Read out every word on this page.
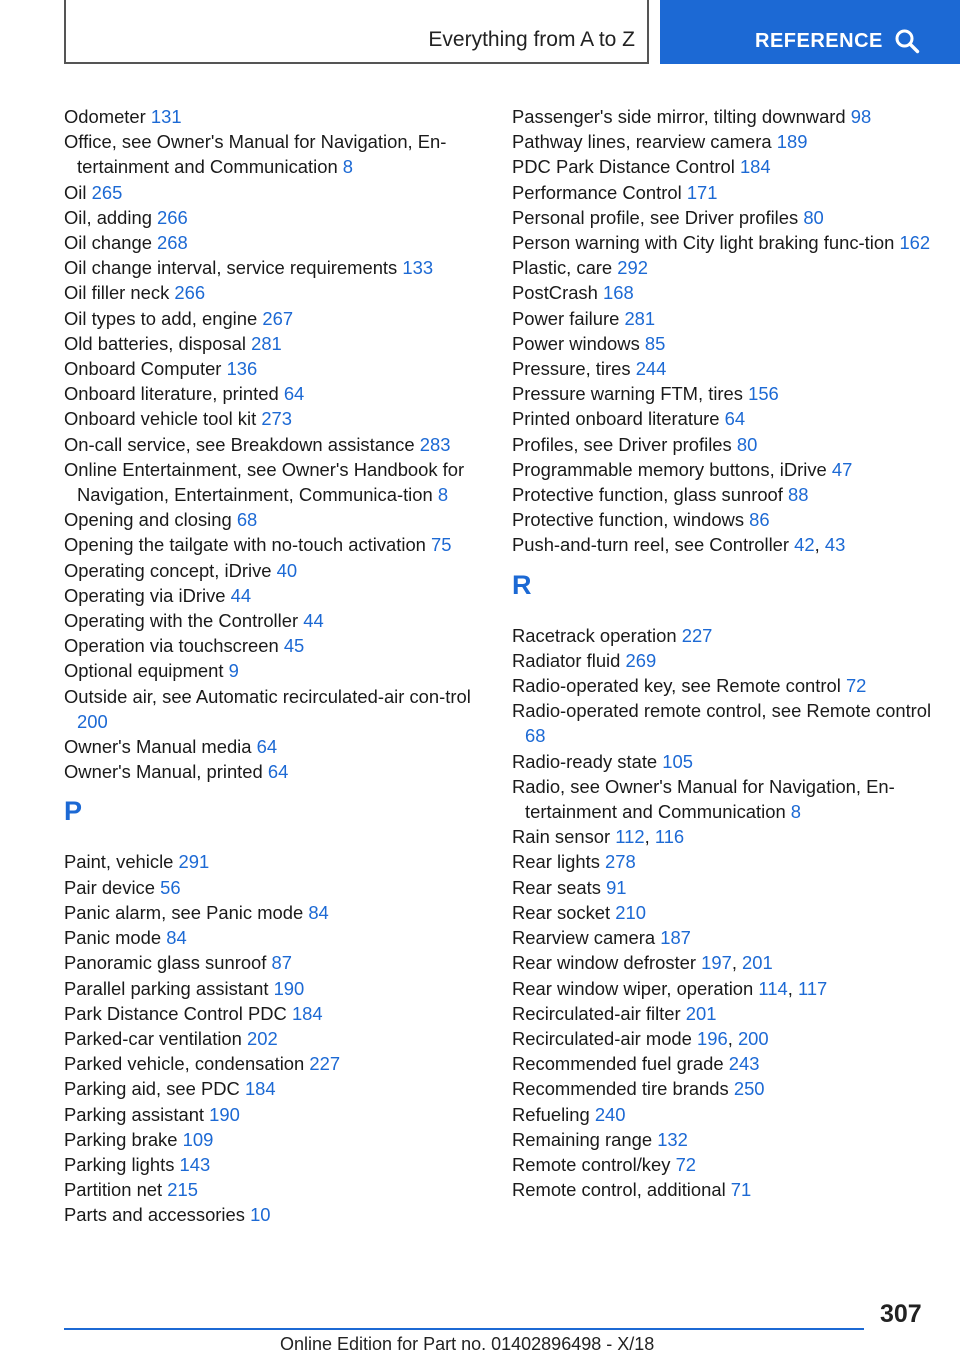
Everything from A to Z	REFERENCE
Odometer 131
Office, see Owner's Manual for Navigation, En‐tertainment and Communication 8
Oil 265
Oil, adding 266
Oil change 268
Oil change interval, service requirements 133
Oil filler neck 266
Oil types to add, engine 267
Old batteries, disposal 281
Onboard Computer 136
Onboard literature, printed 64
Onboard vehicle tool kit 273
On-call service, see Breakdown assistance 283
Online Entertainment, see Owner's Handbook for Navigation, Entertainment, Communica‐tion 8
Opening and closing 68
Opening the tailgate with no-touch activation 75
Operating concept, iDrive 40
Operating via iDrive 44
Operating with the Controller 44
Operation via touchscreen 45
Optional equipment 9
Outside air, see Automatic recirculated-air con‐trol 200
Owner's Manual media 64
Owner's Manual, printed 64
P
Paint, vehicle 291
Pair device 56
Panic alarm, see Panic mode 84
Panic mode 84
Panoramic glass sunroof 87
Parallel parking assistant 190
Park Distance Control PDC 184
Parked-car ventilation 202
Parked vehicle, condensation 227
Parking aid, see PDC 184
Parking assistant 190
Parking brake 109
Parking lights 143
Partition net 215
Parts and accessories 10
Passenger's side mirror, tilting downward 98
Pathway lines, rearview camera 189
PDC Park Distance Control 184
Performance Control 171
Personal profile, see Driver profiles 80
Person warning with City light braking func‐tion 162
Plastic, care 292
PostCrash 168
Power failure 281
Power windows 85
Pressure, tires 244
Pressure warning FTM, tires 156
Printed onboard literature 64
Profiles, see Driver profiles 80
Programmable memory buttons, iDrive 47
Protective function, glass sunroof 88
Protective function, windows 86
Push-and-turn reel, see Controller 42, 43
R
Racetrack operation 227
Radiator fluid 269
Radio-operated key, see Remote control 72
Radio-operated remote control, see Remote control 68
Radio-ready state 105
Radio, see Owner's Manual for Navigation, En‐tertainment and Communication 8
Rain sensor 112, 116
Rear lights 278
Rear seats 91
Rear socket 210
Rearview camera 187
Rear window defroster 197, 201
Rear window wiper, operation 114, 117
Recirculated-air filter 201
Recirculated-air mode 196, 200
Recommended fuel grade 243
Recommended tire brands 250
Refueling 240
Remaining range 132
Remote control/key 72
Remote control, additional 71
307
Online Edition for Part no. 01402896498 - X/18
